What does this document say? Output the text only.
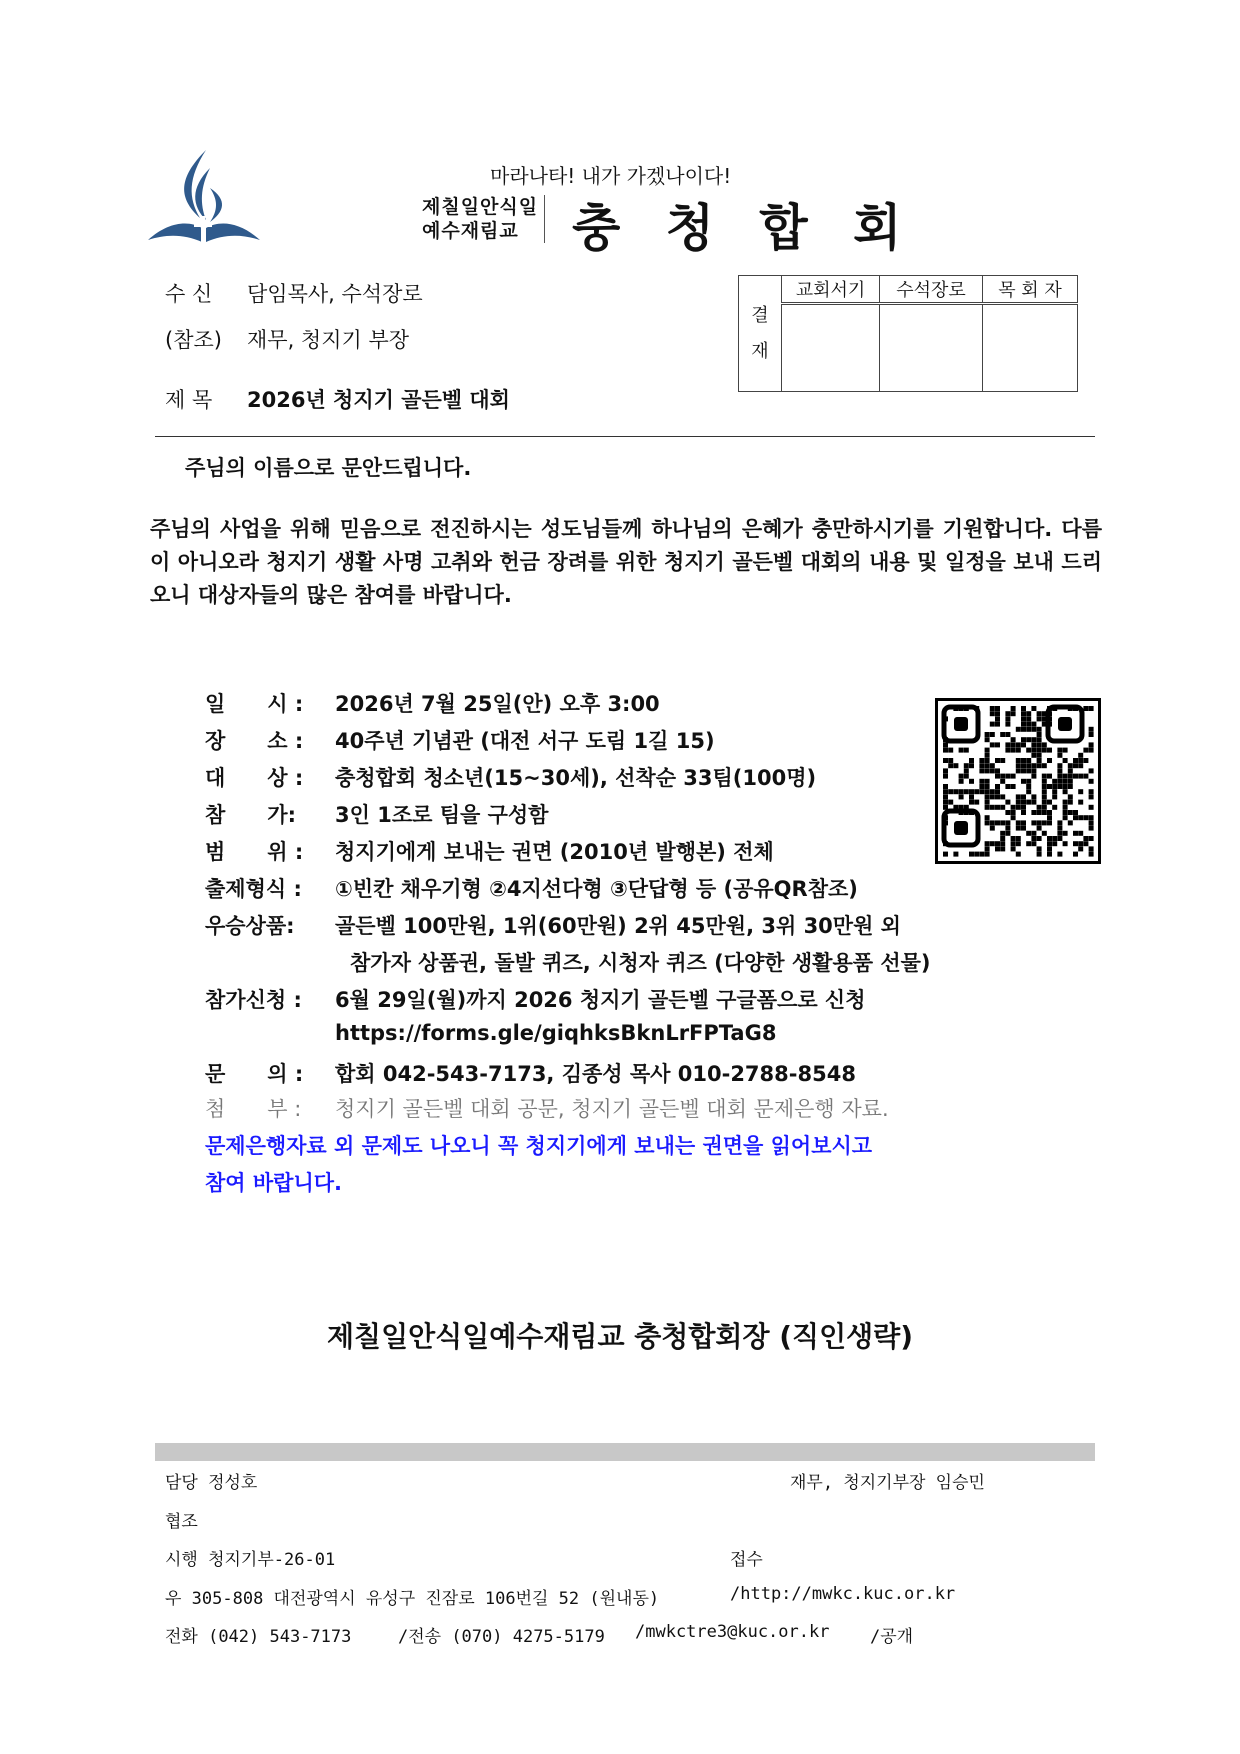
마라나타! 내가 가겠나이다!
제칠일안식일
예수재림교	충 청 합 회
수 신 담임목사, 수석장로
(참조) 재무, 청지기 부장
제 목 2026년 청지기 골든벨 대회
결
재	교회서기	수석장로	목 회 자

주님의 이름으로 문안드립니다.
주님의 사업을 위해 믿음으로 전진하시는 성도님들께 하나님의 은혜가 충만하시기를 기원합니다. 다름이 아니오라 청지기 생활 사명 고취와 헌금 장려를 위한 청지기 골든벨 대회의 내용 및 일정을 보내 드리오니 대상자들의 많은 참여를 바랍니다.
일　　시 : 2026년 7월 25일(안) 오후 3:00
장　　소 : 40주년 기념관 (대전 서구 도림 1길 15)
대　　상 : 충청합회 청소년(15~30세), 선착순 33팀(100명)
참　　가: 3인 1조로 팀을 구성함
범　　위 : 청지기에게 보내는 권면 (2010년 발행본) 전체
출제형식 : ①빈칸 채우기형 ②4지선다형 ③단답형 등 (공유QR참조)
우승상품: 골든벨 100만원, 1위(60만원) 2위 45만원, 3위 30만원 외
참가자 상품권, 돌발 퀴즈, 시청자 퀴즈 (다양한 생활용품 선물)
참가신청 : 6월 29일(월)까지 2026 청지기 골든벨 구글폼으로 신청
https://forms.gle/giqhksBknLrFPTaG8
문　　의 : 합회 042-543-7173, 김종성 목사 010-2788-8548
첨　　부 : 청지기 골든벨 대회 공문, 청지기 골든벨 대회 문제은행 자료.
문제은행자료 외 문제도 나오니 꼭 청지기에게 보내는 권면을 읽어보시고
참여 바랍니다.
제칠일안식일예수재림교 충청합회장 (직인생략)
담당 정성호	재무, 청지기부장 임승민
협조
시행 청지기부-26-01	접수
우 305-808 대전광역시 유성구 진잠로 106번길 52 (원내동)	/http://mwkc.kuc.or.kr
전화 (042) 543-7173	/전송 (070) 4275-5179 /mwkctre3@kuc.or.kr /공개
